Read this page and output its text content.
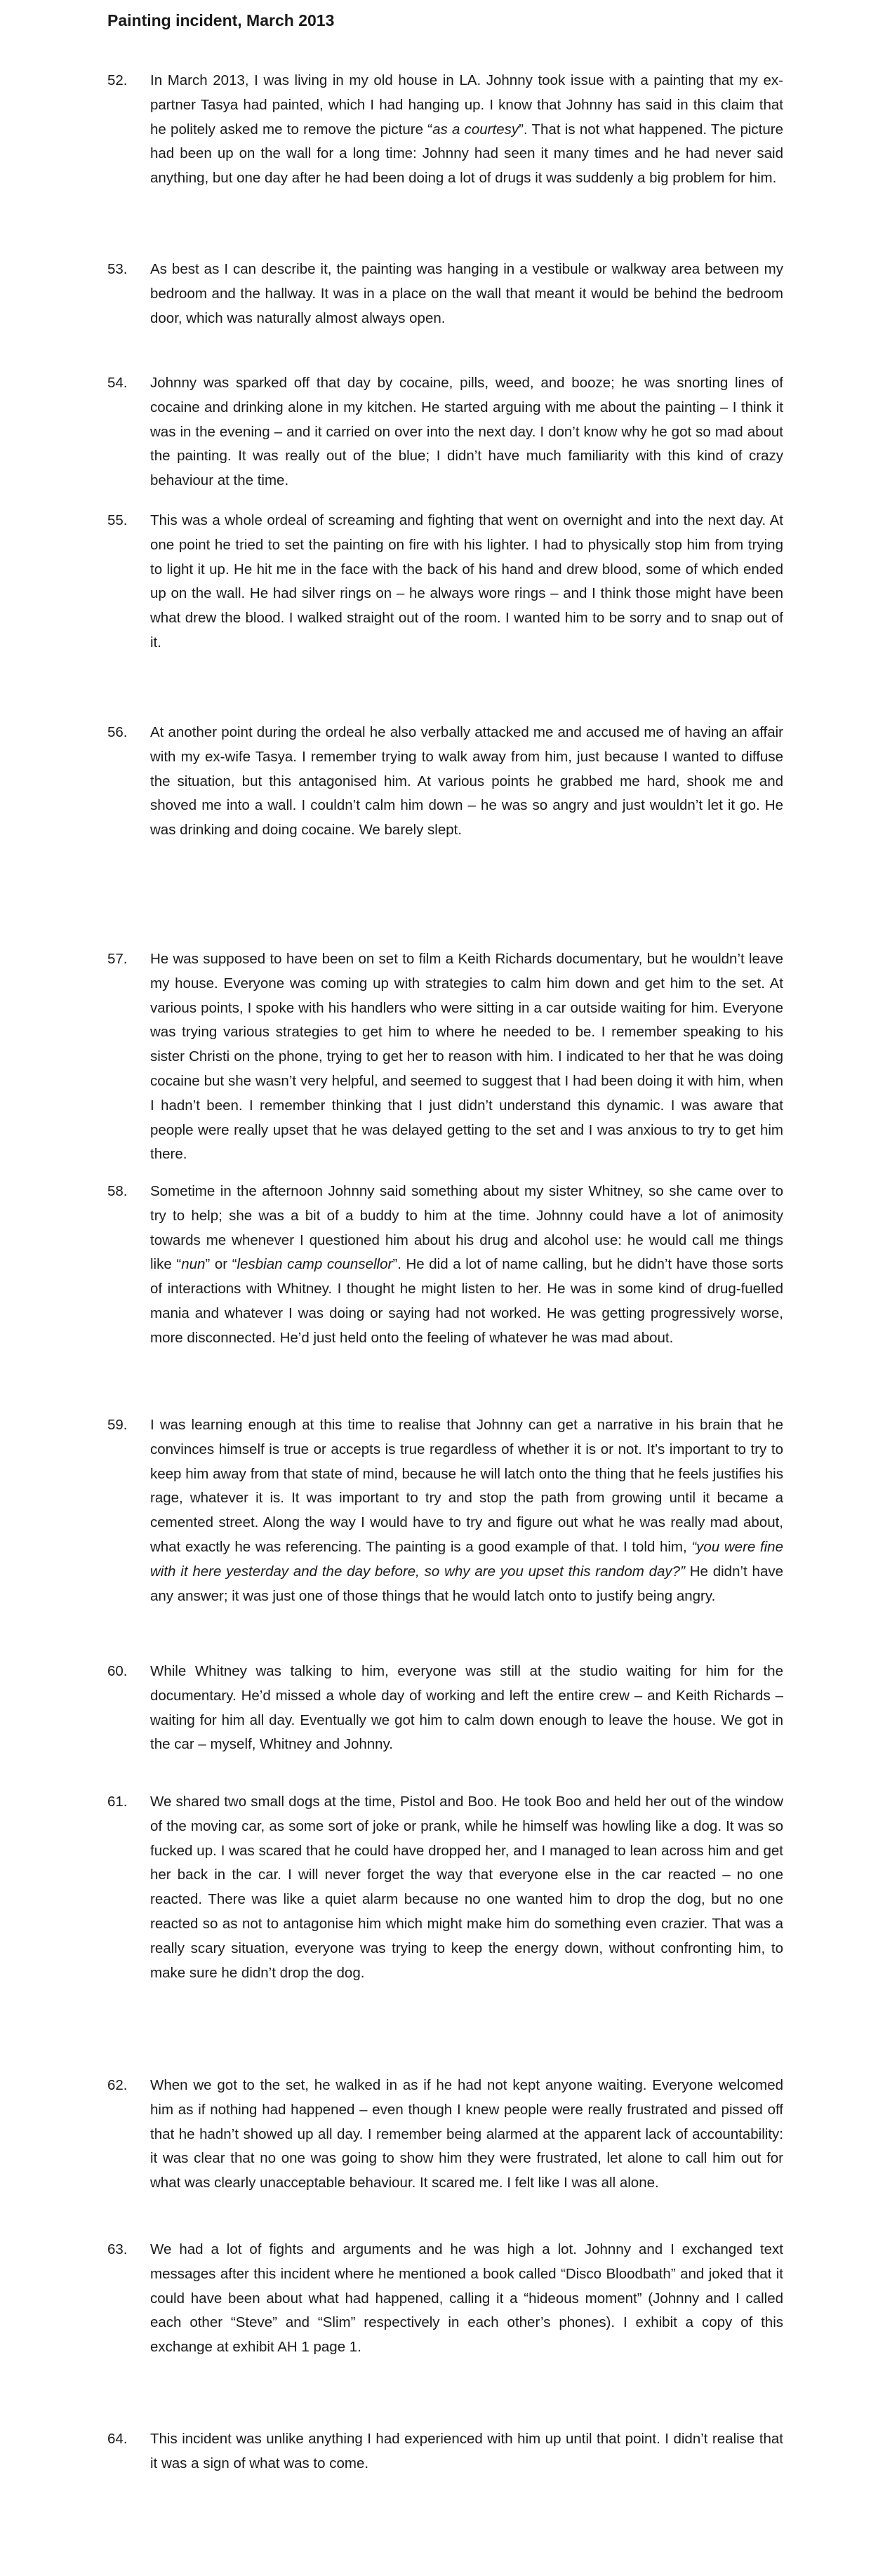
Painting incident, March 2013
52.	In March 2013, I was living in my old house in LA. Johnny took issue with a painting that my ex-partner Tasya had painted, which I had hanging up. I know that Johnny has said in this claim that he politely asked me to remove the picture “as a courtesy”. That is not what happened. The picture had been up on the wall for a long time: Johnny had seen it many times and he had never said anything, but one day after he had been doing a lot of drugs it was suddenly a big problem for him.
53.	As best as I can describe it, the painting was hanging in a vestibule or walkway area between my bedroom and the hallway. It was in a place on the wall that meant it would be behind the bedroom door, which was naturally almost always open.
54.	Johnny was sparked off that day by cocaine, pills, weed, and booze; he was snorting lines of cocaine and drinking alone in my kitchen. He started arguing with me about the painting – I think it was in the evening – and it carried on over into the next day. I don’t know why he got so mad about the painting. It was really out of the blue; I didn’t have much familiarity with this kind of crazy behaviour at the time.
55.	This was a whole ordeal of screaming and fighting that went on overnight and into the next day. At one point he tried to set the painting on fire with his lighter. I had to physically stop him from trying to light it up. He hit me in the face with the back of his hand and drew blood, some of which ended up on the wall. He had silver rings on – he always wore rings – and I think those might have been what drew the blood. I walked straight out of the room. I wanted him to be sorry and to snap out of it.
56.	At another point during the ordeal he also verbally attacked me and accused me of having an affair with my ex-wife Tasya. I remember trying to walk away from him, just because I wanted to diffuse the situation, but this antagonised him. At various points he grabbed me hard, shook me and shoved me into a wall. I couldn’t calm him down – he was so angry and just wouldn’t let it go. He was drinking and doing cocaine. We barely slept.
57.	He was supposed to have been on set to film a Keith Richards documentary, but he wouldn’t leave my house. Everyone was coming up with strategies to calm him down and get him to the set. At various points, I spoke with his handlers who were sitting in a car outside waiting for him. Everyone was trying various strategies to get him to where he needed to be. I remember speaking to his sister Christi on the phone, trying to get her to reason with him. I indicated to her that he was doing cocaine but she wasn’t very helpful, and seemed to suggest that I had been doing it with him, when I hadn’t been. I remember thinking that I just didn’t understand this dynamic. I was aware that people were really upset that he was delayed getting to the set and I was anxious to try to get him there.
58.	Sometime in the afternoon Johnny said something about my sister Whitney, so she came over to try to help; she was a bit of a buddy to him at the time. Johnny could have a lot of animosity towards me whenever I questioned him about his drug and alcohol use: he would call me things like “nun” or “lesbian camp counsellor”. He did a lot of name calling, but he didn’t have those sorts of interactions with Whitney. I thought he might listen to her. He was in some kind of drug-fuelled mania and whatever I was doing or saying had not worked. He was getting progressively worse, more disconnected. He’d just held onto the feeling of whatever he was mad about.
59.	I was learning enough at this time to realise that Johnny can get a narrative in his brain that he convinces himself is true or accepts is true regardless of whether it is or not. It’s important to try to keep him away from that state of mind, because he will latch onto the thing that he feels justifies his rage, whatever it is. It was important to try and stop the path from growing until it became a cemented street. Along the way I would have to try and figure out what he was really mad about, what exactly he was referencing. The painting is a good example of that. I told him, “you were fine with it here yesterday and the day before, so why are you upset this random day?” He didn’t have any answer; it was just one of those things that he would latch onto to justify being angry.
60.	While Whitney was talking to him, everyone was still at the studio waiting for him for the documentary. He’d missed a whole day of working and left the entire crew – and Keith Richards – waiting for him all day. Eventually we got him to calm down enough to leave the house. We got in the car – myself, Whitney and Johnny.
61.	We shared two small dogs at the time, Pistol and Boo. He took Boo and held her out of the window of the moving car, as some sort of joke or prank, while he himself was howling like a dog. It was so fucked up. I was scared that he could have dropped her, and I managed to lean across him and get her back in the car. I will never forget the way that everyone else in the car reacted – no one reacted. There was like a quiet alarm because no one wanted him to drop the dog, but no one reacted so as not to antagonise him which might make him do something even crazier. That was a really scary situation, everyone was trying to keep the energy down, without confronting him, to make sure he didn’t drop the dog.
62.	When we got to the set, he walked in as if he had not kept anyone waiting. Everyone welcomed him as if nothing had happened – even though I knew people were really frustrated and pissed off that he hadn’t showed up all day. I remember being alarmed at the apparent lack of accountability: it was clear that no one was going to show him they were frustrated, let alone to call him out for what was clearly unacceptable behaviour. It scared me. I felt like I was all alone.
63.	We had a lot of fights and arguments and he was high a lot. Johnny and I exchanged text messages after this incident where he mentioned a book called “Disco Bloodbath” and joked that it could have been about what had happened, calling it a “hideous moment” (Johnny and I called each other “Steve” and “Slim” respectively in each other’s phones). I exhibit a copy of this exchange at exhibit AH 1 page 1.
64.	This incident was unlike anything I had experienced with him up until that point. I didn’t realise that it was a sign of what was to come.
